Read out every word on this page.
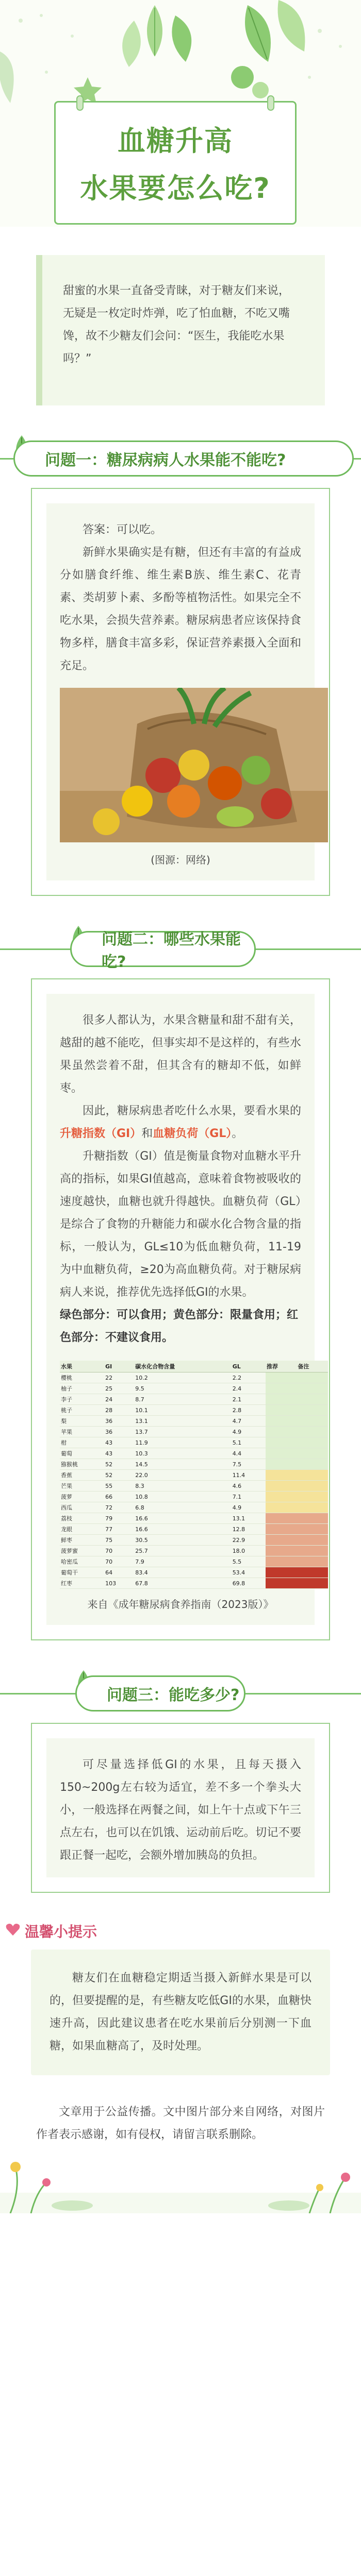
血糖升高
水果要怎么吃?
甜蜜的水果一直备受青睐，对于糖友们来说，无疑是一枚定时炸弹，吃了怕血糖，不吃又嘴馋，故不少糖友们会问：“医生，我能吃水果吗？”
问题一：糖尿病病人水果能不能吃?
答案：可以吃。
新鲜水果确实是有糖，但还有丰富的有益成分如膳食纤维、维生素B族、维生素C、花青素、类胡萝卜素、多酚等植物活性。如果完全不吃水果，会损失营养素。糖尿病患者应该保持食物多样，膳食丰富多彩，保证营养素摄入全面和充足。
(图源：网络)
问题二：哪些水果能吃?
很多人都认为，水果含糖量和甜不甜有关，越甜的越不能吃，但事实却不是这样的，有些水果虽然尝着不甜，但其含有的糖却不低，如鲜枣。
因此，糖尿病患者吃什么水果，要看水果的升糖指数（GI）和血糖负荷（GL）。
升糖指数（GI）值是衡量食物对血糖水平升高的指标，如果GI值越高，意味着食物被吸收的速度越快，血糖也就升得越快。血糖负荷（GL）是综合了食物的升糖能力和碳水化合物含量的指标，一般认为，GL≤10为低血糖负荷，11-19为中血糖负荷，≥20为高血糖负荷。对于糖尿病病人来说，推荐优先选择低GI的水果。
绿色部分：可以食用；黄色部分：限量食用；红色部分：不建议食用。
水果	GI	碳水化合物含量	GL	推荐	备注
樱桃	22	10.2	2.2		
柚子	25	9.5	2.4		
李子	24	8.7	2.1		
桃子	28	10.1	2.8		
梨	36	13.1	4.7		
苹果	36	13.7	4.9		
柑	43	11.9	5.1		
葡萄	43	10.3	4.4		
猕猴桃	52	14.5	7.5		
香蕉	52	22.0	11.4		
芒果	55	8.3	4.6		
菠萝	66	10.8	7.1		
西瓜	72	6.8	4.9		
荔枝	79	16.6	13.1		
龙眼	77	16.6	12.8		
鲜枣	75	30.5	22.9		
菠萝蜜	70	25.7	18.0		
哈密瓜	70	7.9	5.5		
葡萄干	64	83.4	53.4		
红枣	103	67.8	69.8		
来自《成年糖尿病食养指南（2023版）》
问题三：能吃多少?
可尽量选择低GI的水果，且每天摄入150~200g左右较为适宜，差不多一个拳头大小，一般选择在两餐之间，如上午十点或下午三点左右，也可以在饥饿、运动前后吃。切记不要跟正餐一起吃，会额外增加胰岛的负担。
温馨小提示
糖友们在血糖稳定期适当摄入新鲜水果是可以的，但要提醒的是，有些糖友吃低GI的水果，血糖快速升高，因此建议患者在吃水果前后分别测一下血糖，如果血糖高了，及时处理。
文章用于公益传播。文中图片部分来自网络，对图片作者表示感谢，如有侵权，请留言联系删除。
